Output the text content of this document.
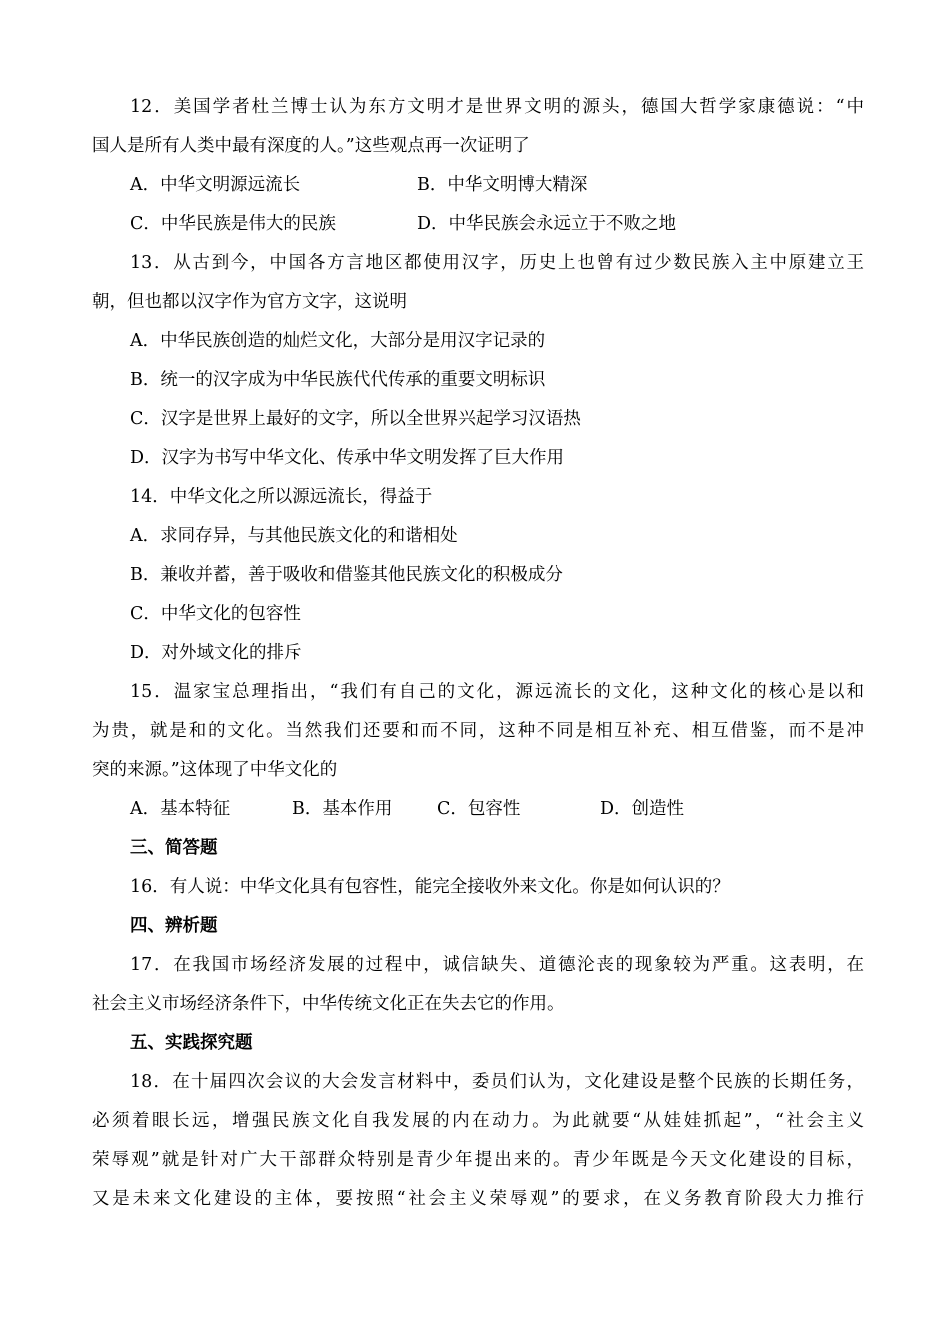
12．美国学者杜兰博士认为东方文明才是世界文明的源头，德国大哲学家康德说：“中
国人是所有人类中最有深度的人。”这些观点再一次证明了
A．中华文明源远流长	B．中华文明博大精深
C．中华民族是伟大的民族	D．中华民族会永远立于不败之地
13．从古到今，中国各方言地区都使用汉字，历史上也曾有过少数民族入主中原建立王
朝，但也都以汉字作为官方文字，这说明
A．中华民族创造的灿烂文化，大部分是用汉字记录的
B．统一的汉字成为中华民族代代传承的重要文明标识
C．汉字是世界上最好的文字，所以全世界兴起学习汉语热
D．汉字为书写中华文化、传承中华文明发挥了巨大作用
14．中华文化之所以源远流长，得益于
A．求同存异，与其他民族文化的和谐相处
B．兼收并蓄，善于吸收和借鉴其他民族文化的积极成分
C．中华文化的包容性
D．对外域文化的排斥
15．温家宝总理指出，“我们有自己的文化，源远流长的文化，这种文化的核心是以和
为贵，就是和的文化。当然我们还要和而不同，这种不同是相互补充、相互借鉴，而不是冲
突的来源。”这体现了中华文化的
A．基本特征	B．基本作用	C．包容性	D．创造性
三、简答题
16．有人说：中华文化具有包容性，能完全接收外来文化。你是如何认识的？
四、辨析题
17．在我国市场经济发展的过程中，诚信缺失、道德沦丧的现象较为严重。这表明，在
社会主义市场经济条件下，中华传统文化正在失去它的作用。
五、实践探究题
18．在十届四次会议的大会发言材料中，委员们认为，文化建设是整个民族的长期任务，
必须着眼长远，增强民族文化自我发展的内在动力。为此就要“从娃娃抓起”，“社会主义
荣辱观”就是针对广大干部群众特别是青少年提出来的。青少年既是今天文化建设的目标，
又是未来文化建设的主体，要按照“社会主义荣辱观”的要求，在义务教育阶段大力推行
